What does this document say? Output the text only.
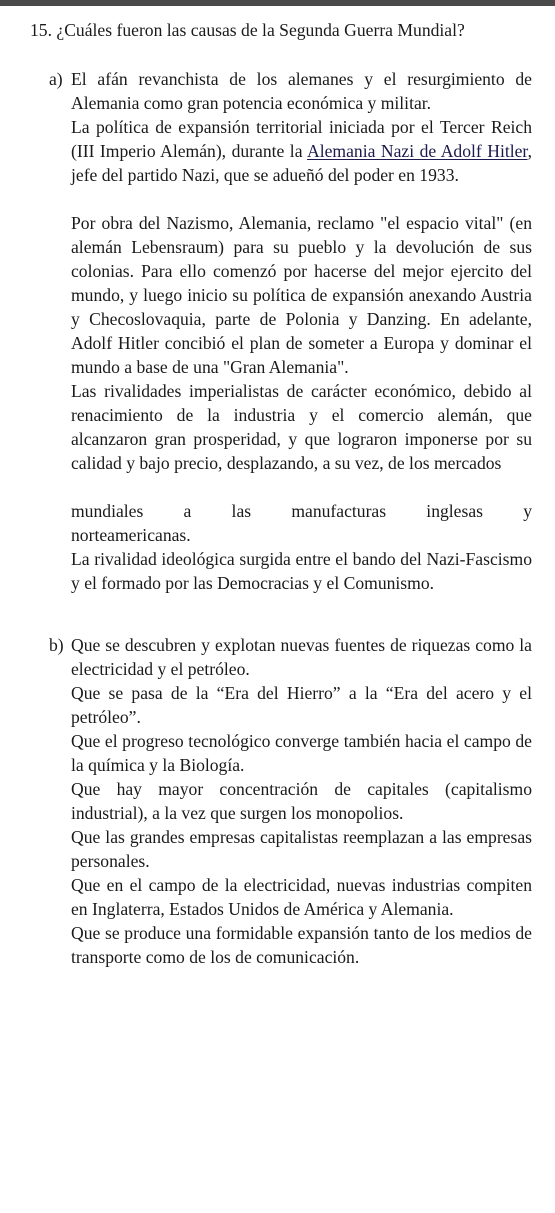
15. ¿Cuáles fueron las causas de la Segunda Guerra Mundial?

a) El afán revanchista de los alemanes y el resurgimiento de Alemania como gran potencia económica y militar.

La política de expansión territorial iniciada por el Tercer Reich (III Imperio Alemán), durante la Alemania Nazi de Adolf Hitler, jefe del partido Nazi, que se adueñó del poder en 1933.

Por obra del Nazismo, Alemania, reclamo "el espacio vital" (en alemán Lebensraum) para su pueblo y la devolución de sus colonias. Para ello comenzó por hacerse del mejor ejercito del mundo, y luego inicio su política de expansión anexando Austria y Checoslovaquia, parte de Polonia y Danzing. En adelante, Adolf Hitler concibió el plan de someter a Europa y dominar el mundo a base de una "Gran Alemania".

Las rivalidades imperialistas de carácter económico, debido al renacimiento de la industria y el comercio alemán, que alcanzaron gran prosperidad, y que lograron imponerse por su calidad y bajo precio, desplazando, a su vez, de los mercados

mundiales a las manufacturas inglesas y

norteamericanas.

La rivalidad ideológica surgida entre el bando del Nazi-Fascismo y el formado por las Democracias y el Comunismo.

b) Que se descubren y explotan nuevas fuentes de riquezas como la electricidad y el petróleo.

Que se pasa de la “Era del Hierro” a la “Era del acero y el petróleo”.

Que el progreso tecnológico converge también hacia el campo de la química y la Biología.

Que hay mayor concentración de capitales (capitalismo industrial), a la vez que surgen los monopolios.

Que las grandes empresas capitalistas reemplazan a las empresas personales.

Que en el campo de la electricidad, nuevas industrias compiten en Inglaterra, Estados Unidos de América y Alemania.

Que se produce una formidable expansión tanto de los medios de transporte como de los de comunicación.
